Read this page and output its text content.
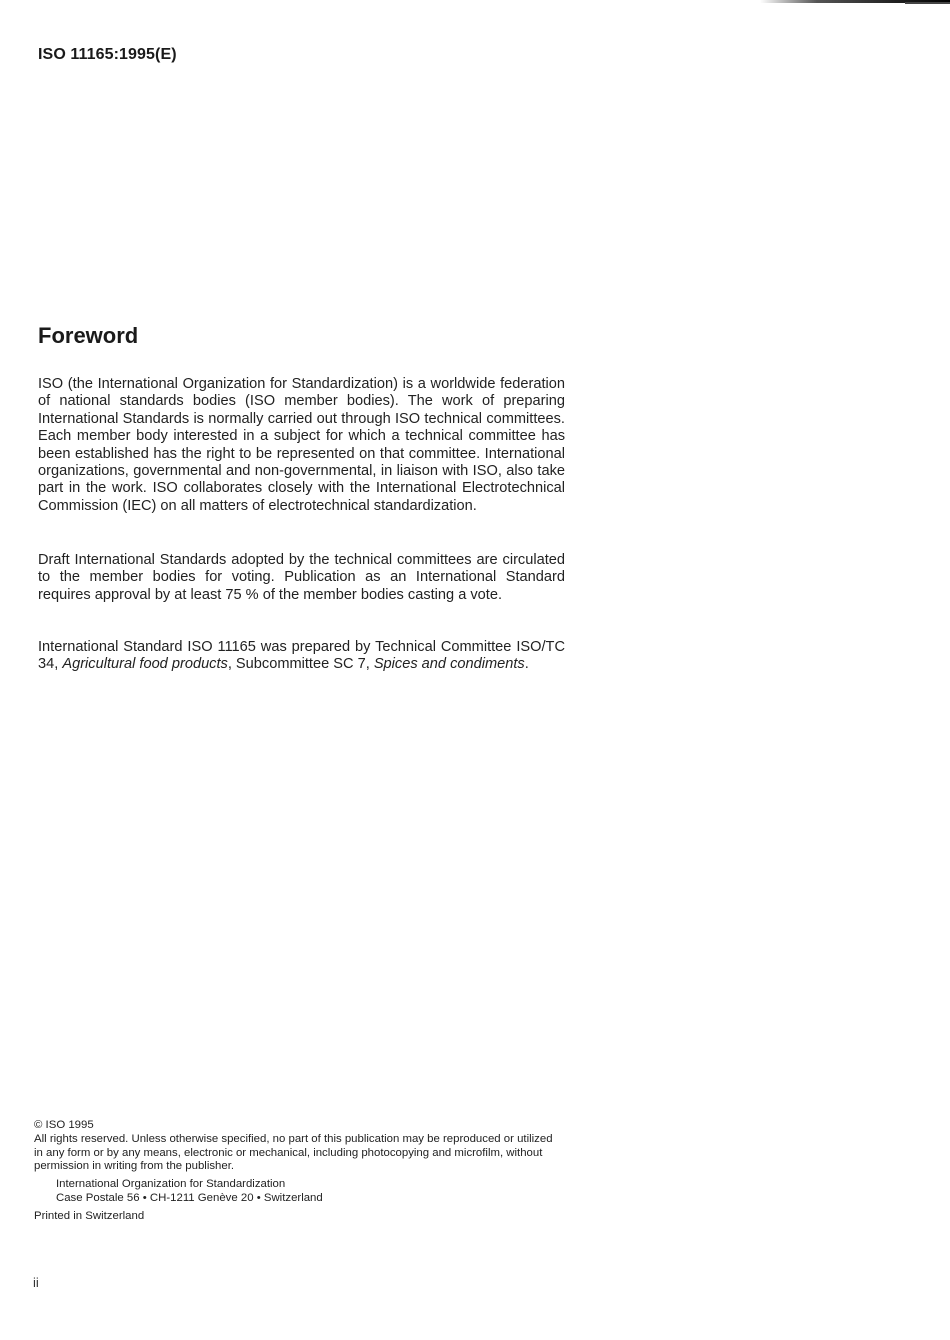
ISO 11165:1995(E)
Foreword

ISO (the International Organization for Standardization) is a worldwide federation of national standards bodies (ISO member bodies). The work of preparing International Standards is normally carried out through ISO technical committees. Each member body interested in a subject for which a technical committee has been established has the right to be represented on that committee. International organizations, governmental and non-governmental, in liaison with ISO, also take part in the work. ISO collaborates closely with the International Electrotechnical Commission (IEC) on all matters of electrotechnical standardization.

Draft International Standards adopted by the technical committees are circulated to the member bodies for voting. Publication as an International Standard requires approval by at least 75 % of the member bodies casting a vote.

International Standard ISO 11165 was prepared by Technical Committee ISO/TC 34, Agricultural food products, Subcommittee SC 7, Spices and condiments.

© ISO 1995

All rights reserved. Unless otherwise specified, no part of this publication may be reproduced or utilized in any form or by any means, electronic or mechanical, including photocopying and microfilm, without permission in writing from the publisher.

International Organization for Standardization

Case Postale 56 • CH-1211 Genève 20 • Switzerland

Printed in Switzerland

ii
